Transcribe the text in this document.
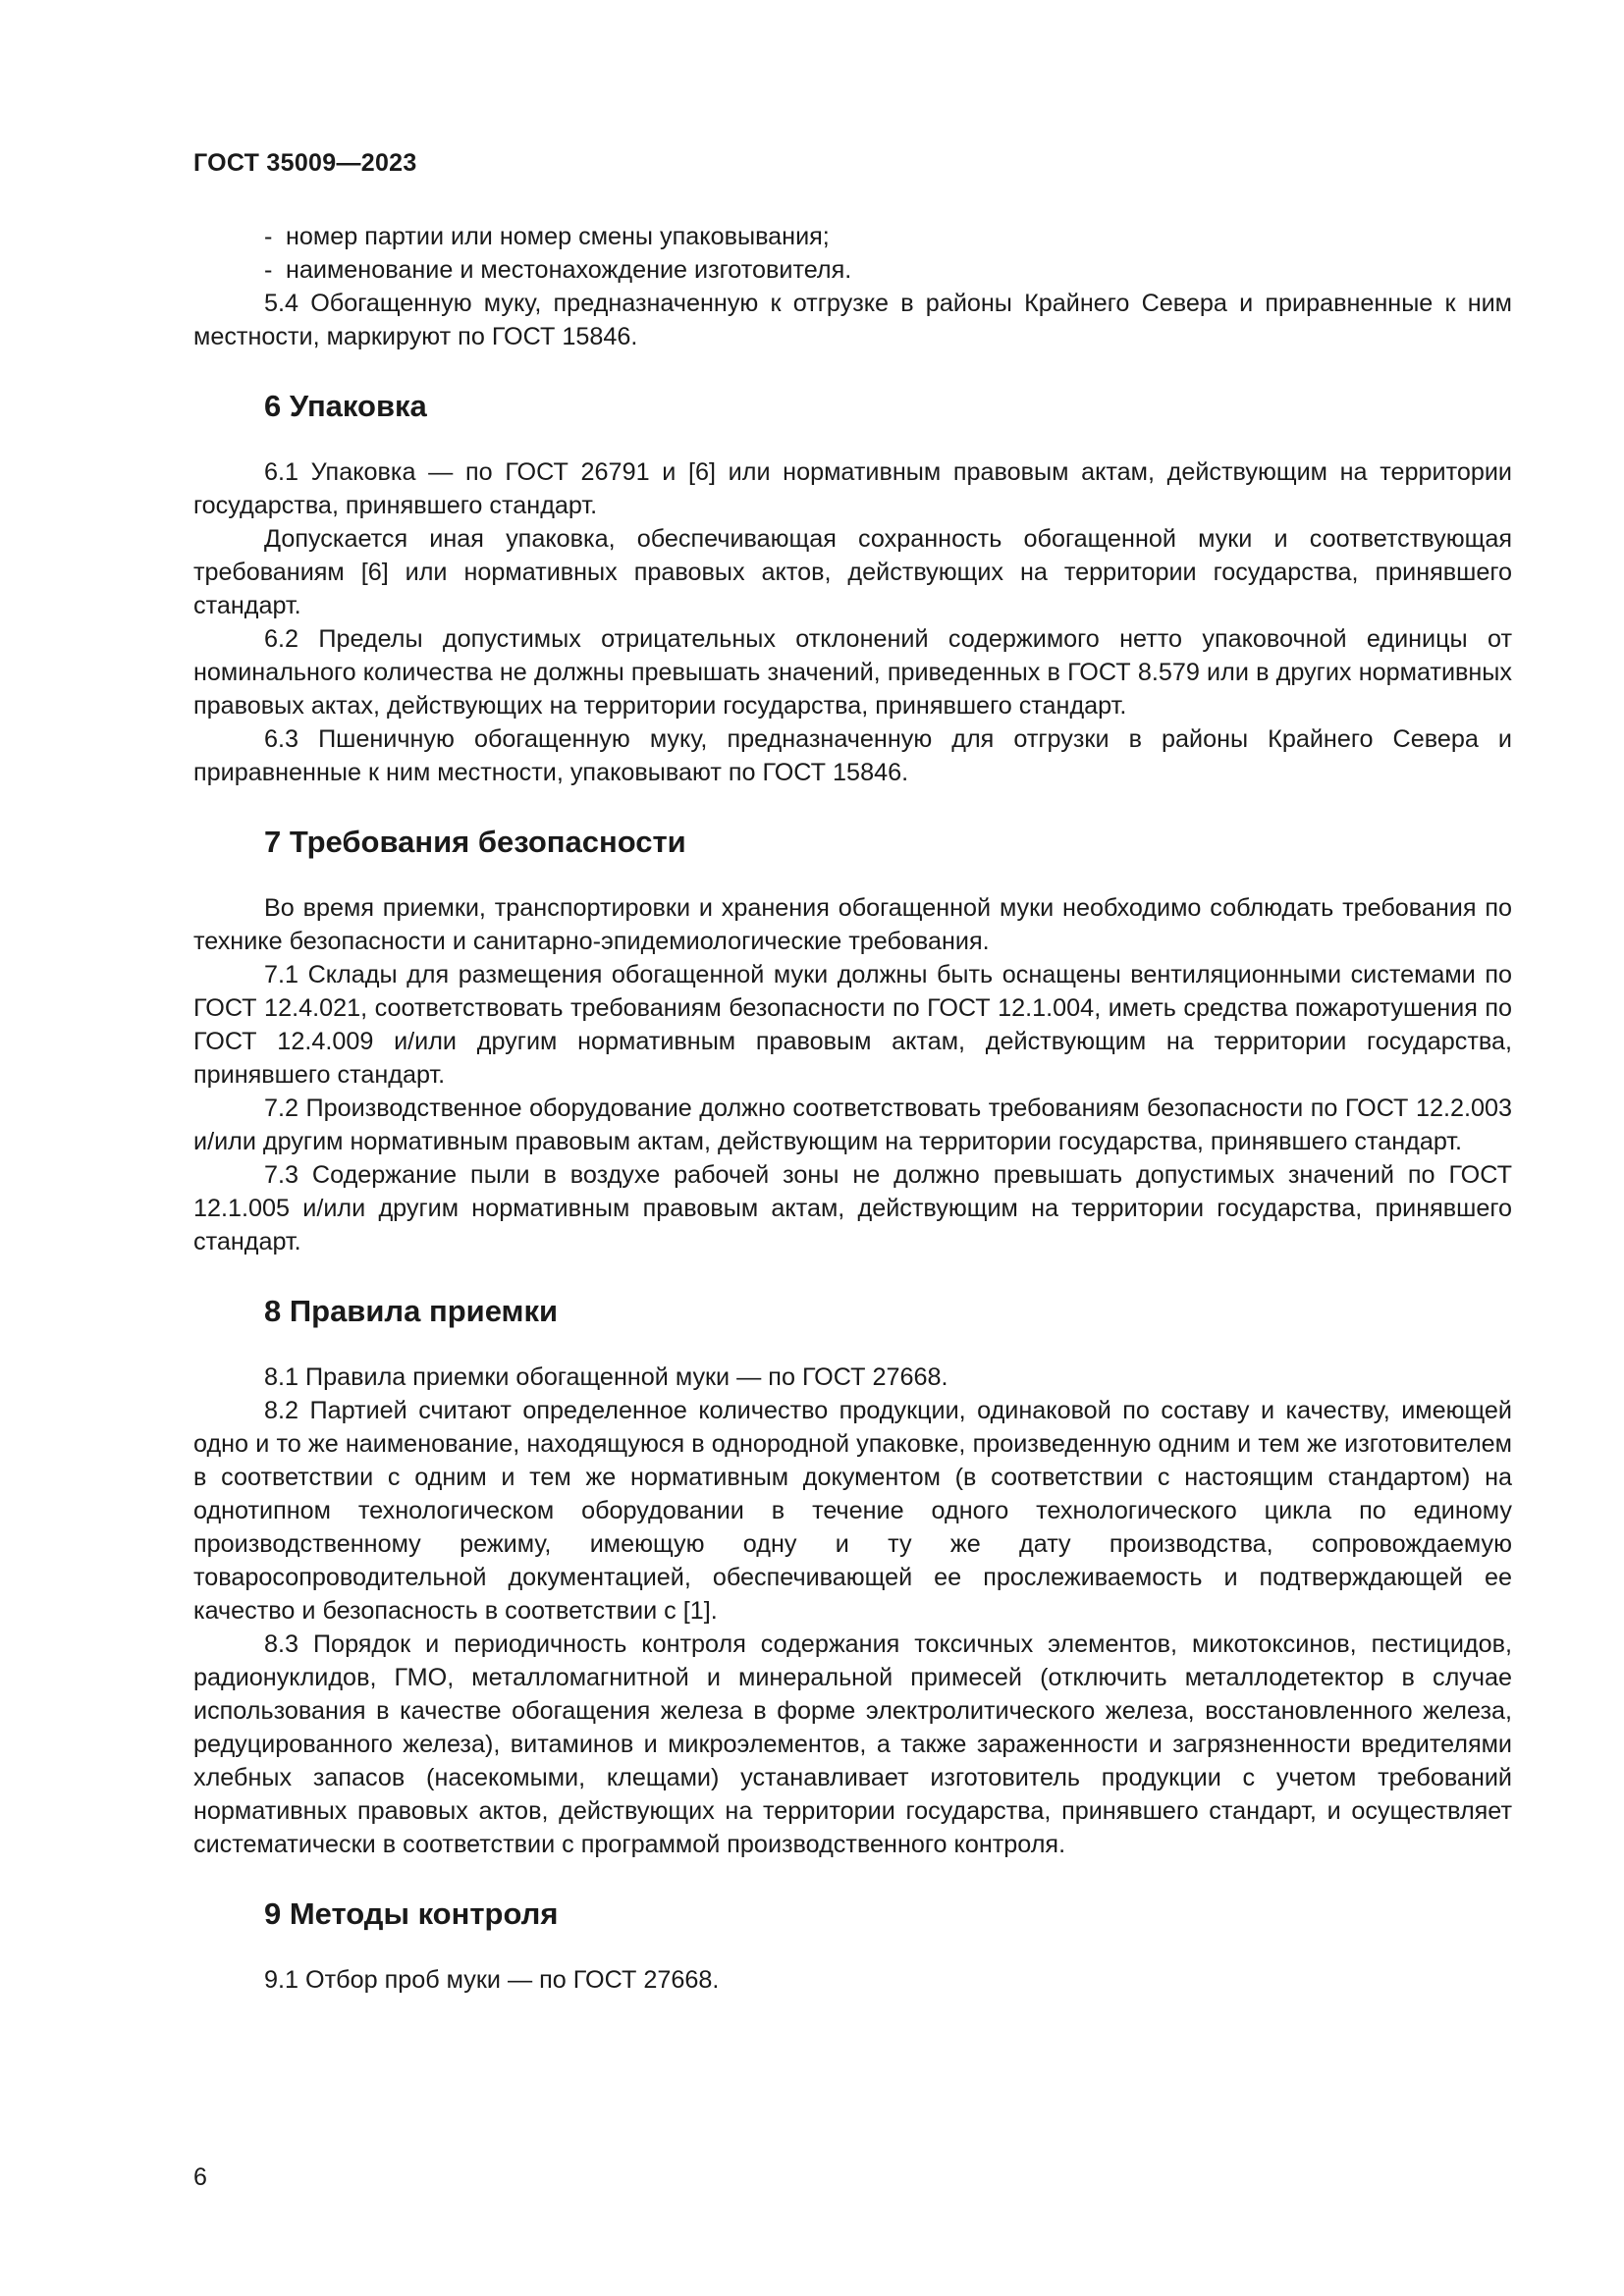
ГОСТ 35009—2023
- номер партии или номер смены упаковывания;
- наименование и местонахождение изготовителя.

5.4 Обогащенную муку, предназначенную к отгрузке в районы Крайнего Севера и приравненные к ним местности, маркируют по ГОСТ 15846.

6 Упаковка

6.1 Упаковка — по ГОСТ 26791 и [6] или нормативным правовым актам, действующим на территории государства, принявшего стандарт.

Допускается иная упаковка, обеспечивающая сохранность обогащенной муки и соответствующая требованиям [6] или нормативных правовых актов, действующих на территории государства, принявшего стандарт.

6.2 Пределы допустимых отрицательных отклонений содержимого нетто упаковочной единицы от номинального количества не должны превышать значений, приведенных в ГОСТ 8.579 или в других нормативных правовых актах, действующих на территории государства, принявшего стандарт.

6.3 Пшеничную обогащенную муку, предназначенную для отгрузки в районы Крайнего Севера и приравненные к ним местности, упаковывают по ГОСТ 15846.

7 Требования безопасности

Во время приемки, транспортировки и хранения обогащенной муки необходимо соблюдать требования по технике безопасности и санитарно-эпидемиологические требования.

7.1 Склады для размещения обогащенной муки должны быть оснащены вентиляционными системами по ГОСТ 12.4.021, соответствовать требованиям безопасности по ГОСТ 12.1.004, иметь средства пожаротушения по ГОСТ 12.4.009 и/или другим нормативным правовым актам, действующим на территории государства, принявшего стандарт.

7.2 Производственное оборудование должно соответствовать требованиям безопасности по ГОСТ 12.2.003 и/или другим нормативным правовым актам, действующим на территории государства, принявшего стандарт.

7.3 Содержание пыли в воздухе рабочей зоны не должно превышать допустимых значений по ГОСТ 12.1.005 и/или другим нормативным правовым актам, действующим на территории государства, принявшего стандарт.

8 Правила приемки

8.1 Правила приемки обогащенной муки — по ГОСТ 27668.

8.2 Партией считают определенное количество продукции, одинаковой по составу и качеству, имеющей одно и то же наименование, находящуюся в однородной упаковке, произведенную одним и тем же изготовителем в соответствии с одним и тем же нормативным документом (в соответствии с настоящим стандартом) на однотипном технологическом оборудовании в течение одного технологического цикла по единому производственному режиму, имеющую одну и ту же дату производства, сопровождаемую товаросопроводительной документацией, обеспечивающей ее прослеживаемость и подтверждающей ее качество и безопасность в соответствии с [1].

8.3 Порядок и периодичность контроля содержания токсичных элементов, микотоксинов, пестицидов, радионуклидов, ГМО, металломагнитной и минеральной примесей (отключить металлодетектор в случае использования в качестве обогащения железа в форме электролитического железа, восстановленного железа, редуцированного железа), витаминов и микроэлементов, а также зараженности и загрязненности вредителями хлебных запасов (насекомыми, клещами) устанавливает изготовитель продукции с учетом требований нормативных правовых актов, действующих на территории государства, принявшего стандарт, и осуществляет систематически в соответствии с программой производственного контроля.

9 Методы контроля

9.1 Отбор проб муки — по ГОСТ 27668.

6
